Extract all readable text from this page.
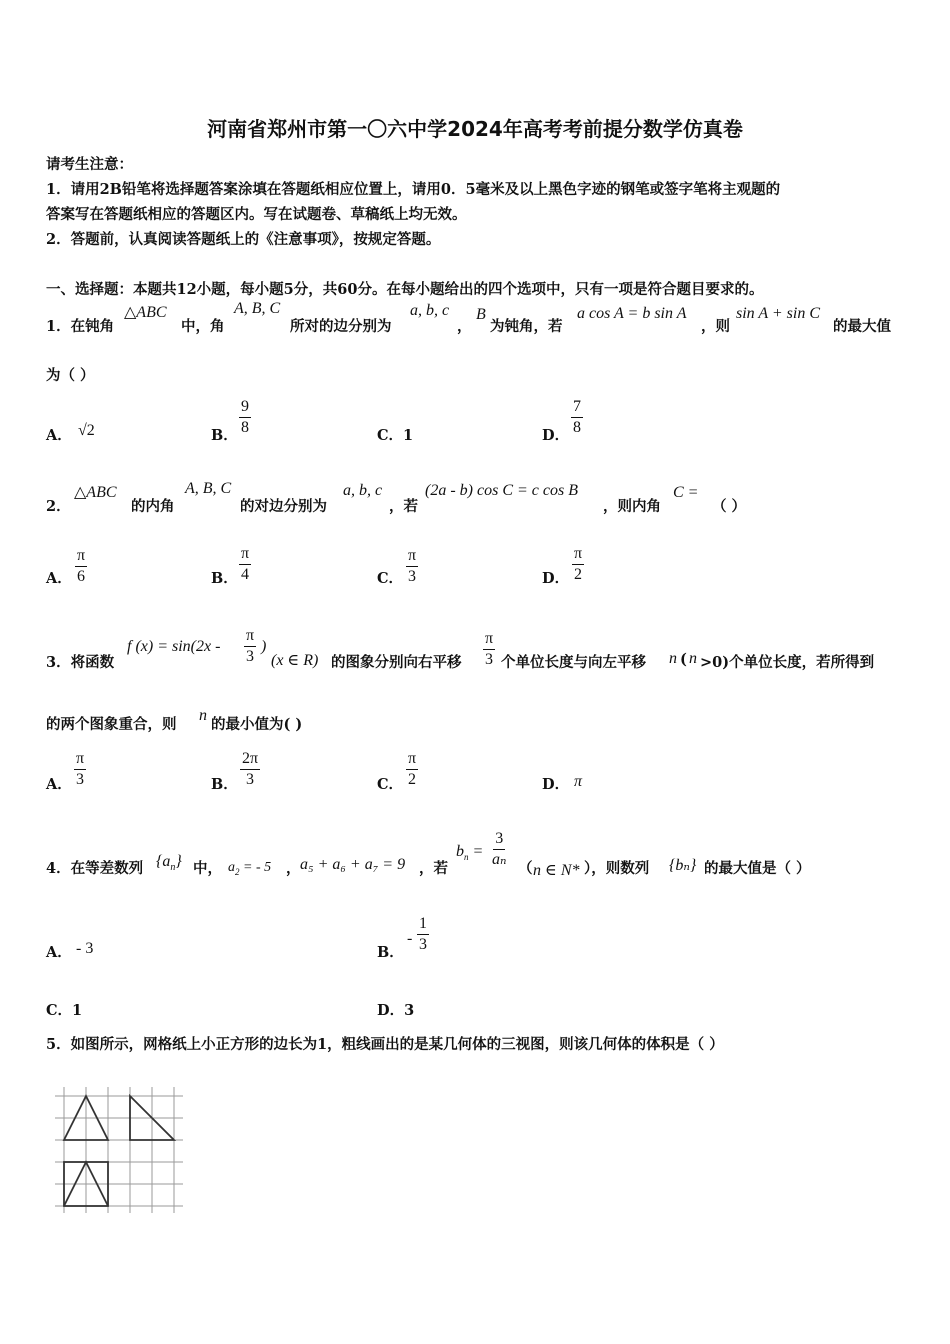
河南省郑州市第一〇六中学2024年高考考前提分数学仿真卷
请考生注意：
1．请用2B铅笔将选择题答案涂填在答题纸相应位置上，请用0．5毫米及以上黑色字迹的钢笔或签字笔将主观题的
答案写在答题纸相应的答题区内。写在试题卷、草稿纸上均无效。
2．答题前，认真阅读答题纸上的《注意事项》，按规定答题。
一、选择题：本题共12小题，每小题5分，共60分。在每小题给出的四个选项中，只有一项是符合题目要求的。
1．在钝角
△ABC
中，角
A, B, C
所对的边分别为
a, b, c
，
B
为钝角，若
a cos A = b sin A
，则
sin A + sin C
的最大值
为（ ）
A． √2	B． $\frac{9}{8}$	C．1	D． $\frac{7}{8}$
2．
△ABC
的内角
A, B, C
的对边分别为
a, b, c
，若
(2a - b) cos C = c cos B
，则内角
C =
（ ）
A． $\frac{\pi}{6}$	B． $\frac{\pi}{4}$	C． $\frac{\pi}{3}$	D． $\frac{\pi}{2}$
3．将函数
f $(x) = \sin(2x - \frac{\pi}{3}$ )
(x ∈ R) 的图象分别向右平移 $\frac{\pi}{3}$ 个单位长度与向左平移 n ( n >0)个单位长度，若所得到
的两个图象重合，则
n
的最小值为( )
A． $\frac{\pi}{3}$	B． $\frac{2\pi}{3}$	C． $\frac{\pi}{2}$	D． π
4．在等差数列 $\{a_n\}$ 中， $a_2$ = - 5 ， a₅ + a₆ + a₇ = 9 ，若
$b_n = \frac{3}{\text{aₙ}}$
（ n ∈ N* ），则数列 {bₙ} 的最大值是（ ）
A． - 3	B．
- $\frac{1}{3}$
C．1	D．3
5．如图所示，网格纸上小正方形的边长为1，粗线画出的是某几何体的三视图，则该几何体的体积是（ ）
